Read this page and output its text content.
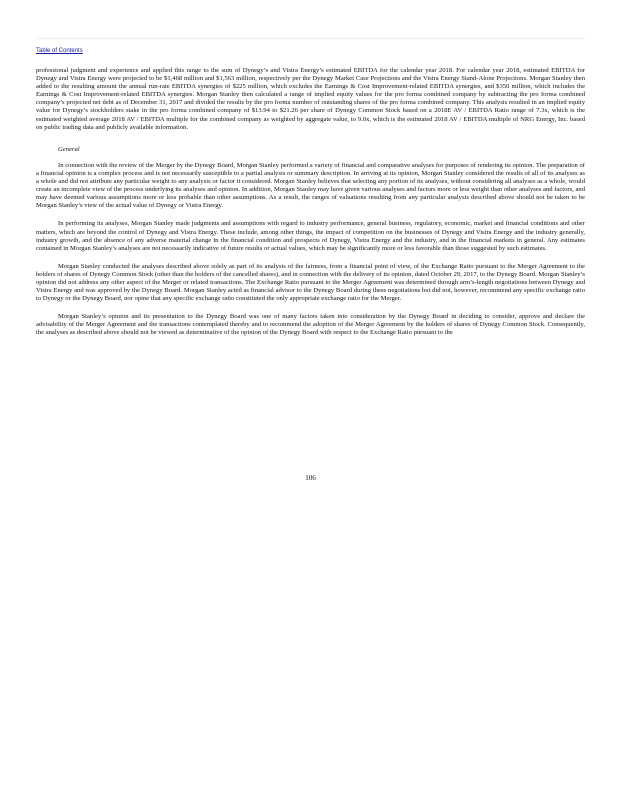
Table of Contents

professional judgment and experience and applied this range to the sum of Dynegy’s and Vistra Energy’s estimated EBITDA for the calendar year 2018. For calendar year 2018, estimated EBITDA for Dynegy and Vistra Energy were projected to be $1,468 million and $1,563 million, respectively per the Dynegy Market Case Projections and the Vistra Energy Stand-Alone Projections. Morgan Stanley then added to the resulting amount the annual run-rate EBITDA synergies of $225 million, which excludes the Earnings & Cost Improvement-related EBITDA synergies, and $350 million, which includes the Earnings & Cost Improvement-related EBITDA synergies. Morgan Stanley then calculated a range of implied equity values for the pro forma combined company by subtracting the pro forma combined company’s projected net debt as of December 31, 2017 and divided the results by the pro forma number of outstanding shares of the pro forma combined company. This analysis resulted in an implied equity value for Dynegy’s stockholders stake in the pro forma combined company of $13.94 to $21.26 per share of Dynegy Common Stock based on a 2018E AV / EBITDA Ratio range of 7.3x, which is the estimated weighted average 2018 AV / EBITDA multiple for the combined company as weighted by aggregate value, to 9.0x, which is the estimated 2018 AV / EBITDA multiple of NRG Energy, Inc. based on public trading data and publicly available information.

General

In connection with the review of the Merger by the Dynegy Board, Morgan Stanley performed a variety of financial and comparative analyses for purposes of rendering its opinion. The preparation of a financial opinion is a complex process and is not necessarily susceptible to a partial analysis or summary description. In arriving at its opinion, Morgan Stanley considered the results of all of its analyses as a whole and did not attribute any particular weight to any analysis or factor it considered. Morgan Stanley believes that selecting any portion of its analyses, without considering all analyses as a whole, would create an incomplete view of the process underlying its analyses and opinion. In addition, Morgan Stanley may have given various analyses and factors more or less weight than other analyses and factors, and may have deemed various assumptions more or less probable than other assumptions. As a result, the ranges of valuations resulting from any particular analysis described above should not be taken to be Morgan Stanley’s view of the actual value of Dynegy or Vistra Energy.

In performing its analyses, Morgan Stanley made judgments and assumptions with regard to industry performance, general business, regulatory, economic, market and financial conditions and other matters, which are beyond the control of Dynegy and Vistra Energy. These include, among other things, the impact of competition on the businesses of Dynegy and Vistra Energy and the industry generally, industry growth, and the absence of any adverse material change in the financial condition and prospects of Dynegy, Vistra Energy and the industry, and in the financial markets in general. Any estimates contained in Morgan Stanley’s analyses are not necessarily indicative of future results or actual values, which may be significantly more or less favorable than those suggested by such estimates.

Morgan Stanley conducted the analyses described above solely as part of its analysis of the fairness, from a financial point of view, of the Exchange Ratio pursuant to the Merger Agreement to the holders of shares of Dynegy Common Stock (other than the holders of the cancelled shares), and in connection with the delivery of its opinion, dated October 29, 2017, to the Dynegy Board. Morgan Stanley’s opinion did not address any other aspect of the Merger or related transactions. The Exchange Ratio pursuant to the Merger Agreement was determined through arm’s-length negotiations between Dynegy and Vistra Energy and was approved by the Dynegy Board. Morgan Stanley acted as financial advisor to the Dynegy Board during these negotiations but did not, however, recommend any specific exchange ratio to Dynegy or the Dynegy Board, nor opine that any specific exchange ratio constituted the only appropriate exchange ratio for the Merger.

Morgan Stanley’s opinion and its presentation to the Dynegy Board was one of many factors taken into consideration by the Dynegy Board in deciding to consider, approve and declare the advisability of the Merger Agreement and the transactions contemplated thereby and to recommend the adoption of the Merger Agreement by the holders of shares of Dynegy Common Stock. Consequently, the analyses as described above should not be viewed as determinative of the opinion of the Dynegy Board with respect to the Exchange Ratio pursuant to the

106
